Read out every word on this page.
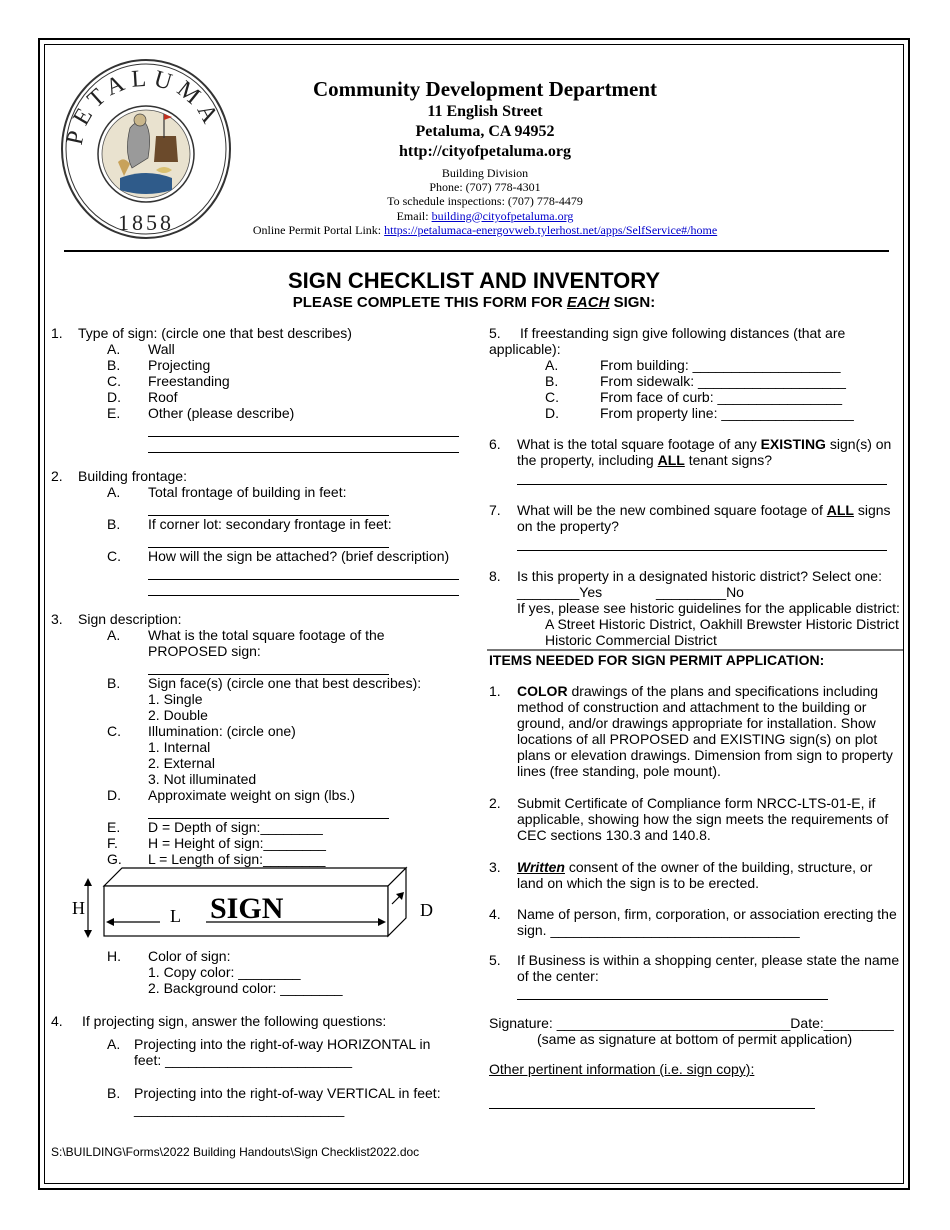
PETALUMA
1858
Community Development Department
11 English Street
Petaluma, CA 94952
http://cityofpetaluma.org
Building Division
Phone: (707) 778-4301
To schedule inspections: (707) 778-4479
Email: building@cityofpetaluma.org
Online Permit Portal Link: https://petalumaca-energovweb.tylerhost.net/apps/SelfService#/home
SIGN CHECKLIST AND INVENTORY
PLEASE COMPLETE THIS FORM FOR EACH SIGN:
1. Type of sign: (circle one that best describes)
A. Wall
B. Projecting
C. Freestanding
D. Roof
E. Other (please describe)
2. Building frontage:
A. Total frontage of building in feet:
B. If corner lot: secondary frontage in feet:
C. How will the sign be attached? (brief description)
3. Sign description:
A. What is the total square footage of the
PROPOSED sign:
B. Sign face(s) (circle one that best describes):
1. Single
2. Double
C. Illumination: (circle one)
1. Internal
2. External
3. Not illuminated
D. Approximate weight on sign (lbs.)
E. D = Depth of sign:________
F. H = Height of sign:________
G. L = Length of sign:________
H	L SIGN	D
H. Color of sign:
1. Copy color: ________
2. Background color: ________
4. If projecting sign, answer the following questions:
A. Projecting into the right-of-way HORIZONTAL in
feet: ________________________
B. Projecting into the right-of-way VERTICAL in feet:
___________________________
S:\BUILDING\Forms\2022 Building Handouts\Sign Checklist2022.doc
5. If freestanding sign give following distances (that are
applicable):
A.	From building: ___________________
B.	From sidewalk: ___________________
C.	From face of curb: ________________
D.	From property line: _________________
6. What is the total square footage of any EXISTING sign(s) on
the property, including ALL tenant signs?
7. What will be the new combined square footage of ALL signs
on the property?
8. Is this property in a designated historic district? Select one:
________Yes	_________No
If yes, please see historic guidelines for the applicable district:
A Street Historic District, Oakhill Brewster Historic District
Historic Commercial District
ITEMS NEEDED FOR SIGN PERMIT APPLICATION:
1. COLOR drawings of the plans and specifications including
method of construction and attachment to the building or
ground, and/or drawings appropriate for installation. Show
locations of all PROPOSED and EXISTING sign(s) on plot
plans or elevation drawings. Dimension from sign to property
lines (free standing, pole mount).
2. Submit Certificate of Compliance form NRCC-LTS-01-E, if
applicable, showing how the sign meets the requirements of
CEC sections 130.3 and 140.8.
3. Written consent of the owner of the building, structure, or
land on which the sign is to be erected.
4. Name of person, firm, corporation, or association erecting the
sign. ________________________________
5. If Business is within a shopping center, please state the name
of the center:
Signature: ______________________________Date:_________
(same as signature at bottom of permit application)
Other pertinent information (i.e. sign copy):
